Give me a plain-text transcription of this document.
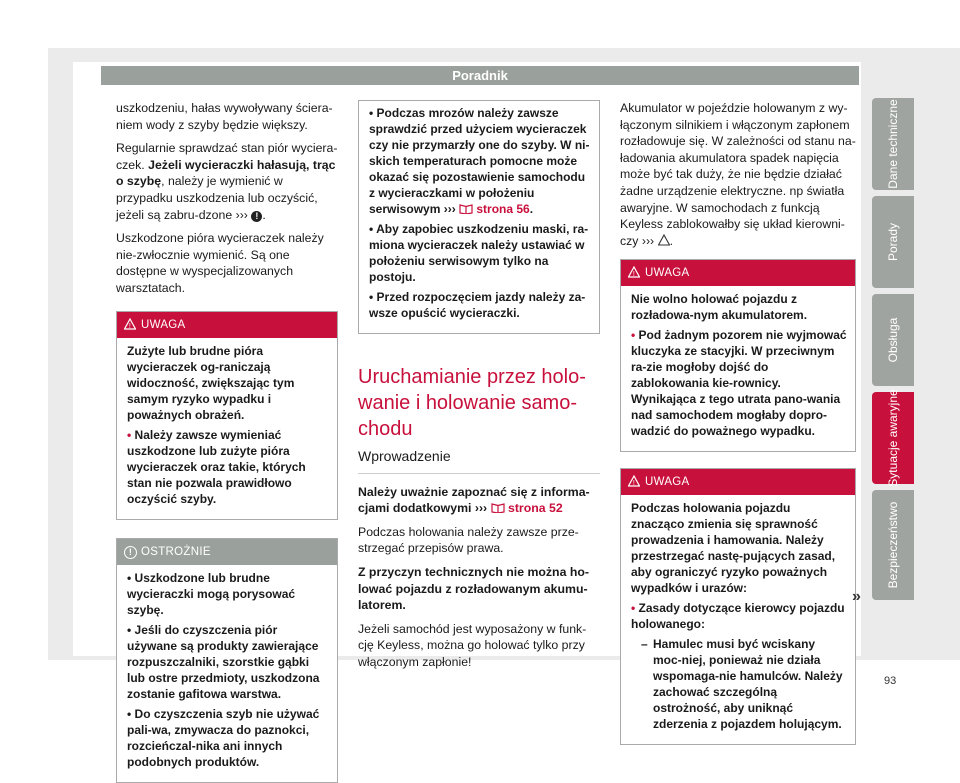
Poradnik

uszkodzeniu, hałas wywoływany ściera-niem wody z szyby będzie większy.

Regularnie sprawdzać stan piór wyciera-czek. Jeżeli wycieraczki hałasują, trąc o szybę, należy je wymienić w przypadku uszkodzenia lub oczyścić, jeżeli są zabru-dzone ››› ! .

Uszkodzone pióra wycieraczek należy nie-zwłocznie wymienić. Są one dostępne w wyspecjalizowanych warsztatach.

! UWAGA

Zużyte lub brudne pióra wycieraczek og-raniczają widoczność, zwiększając tym samym ryzyko wypadku i poważnych obrażeń.

• Należy zawsze wymieniać uszkodzone lub zużyte pióra wycieraczek oraz takie, których stan nie pozwala prawidłowo oczyścić szyby.

! OSTROŻNIE

• Uszkodzone lub brudne wycieraczki mogą porysować szybę.

• Jeśli do czyszczenia piór używane są produkty zawierające rozpuszczalniki, szorstkie gąbki lub ostre przedmioty, uszkodzona zostanie gafitowa warstwa.

• Do czyszczenia szyb nie używać pali-wa, zmywacza do paznokci, rozcieńczal-nika ani innych podobnych produktów.

• Podczas mrozów należy zawsze sprawdzić przed użyciem wycieraczek czy nie przymarzły one do szyby. W ni-skich temperaturach pomocne może okazać się pozostawienie samochodu z wycieraczkami w położeniu serwisowym ›››  strona 56.

• Aby zapobiec uszkodzeniu maski, ra-miona wycieraczek należy ustawiać w położeniu serwisowym tylko na postoju.

• Przed rozpoczęciem jazdy należy za-wsze opuścić wycieraczki.

Uruchamianie przez holo-wanie i holowanie samo-chodu
Wprowadzenie

Należy uważnie zapoznać się z informa-cjami dodatkowymi ›››  strona 52

Podczas holowania należy zawsze prze-strzegać przepisów prawa.

Z przyczyn technicznych nie można ho-lować pojazdu z rozładowanym akumu-latorem.

Jeżeli samochód jest wyposażony w funk-cję Keyless, można go holować tylko przy włączonym zapłonie!

Akumulator w pojeździe holowanym z wy-łączonym silnikiem i włączonym zapłonem rozładowuje się. W zależności od stanu na-ładowania akumulatora spadek napięcia może być tak duży, że nie będzie działać żadne urządzenie elektryczne. np światła awaryjne. W samochodach z funkcją Keyless zablokowałby się układ kierowni-czy ››› .

! UWAGA

Nie wolno holować pojazdu z rozładowa-nym akumulatorem.

• Pod żadnym pozorem nie wyjmować kluczyka ze stacyjki. W przeciwnym ra-zie mogłoby dojść do zablokowania kie-rownicy. Wynikająca z tego utrata pano-wania nad samochodem mogłaby dopro-wadzić do poważnego wypadku.

! UWAGA

Podczas holowania pojazdu znacząco zmienia się sprawność prowadzenia i hamowania. Należy przestrzegać nastę-pujących zasad, aby ograniczyć ryzyko poważnych wypadków i urazów:

• Zasady dotyczące kierowcy pojazdu holowanego:

– Hamulec musi być wciskany moc-niej, ponieważ nie działa wspomaga-nie hamulców. Należy zachować szczególną ostrożność, aby uniknąć zderzenia z pojazdem holującym.

»
Dane techniczne
Porady
Obsługa
Sytuacje awaryjne
Bezpieczeństwo
93
